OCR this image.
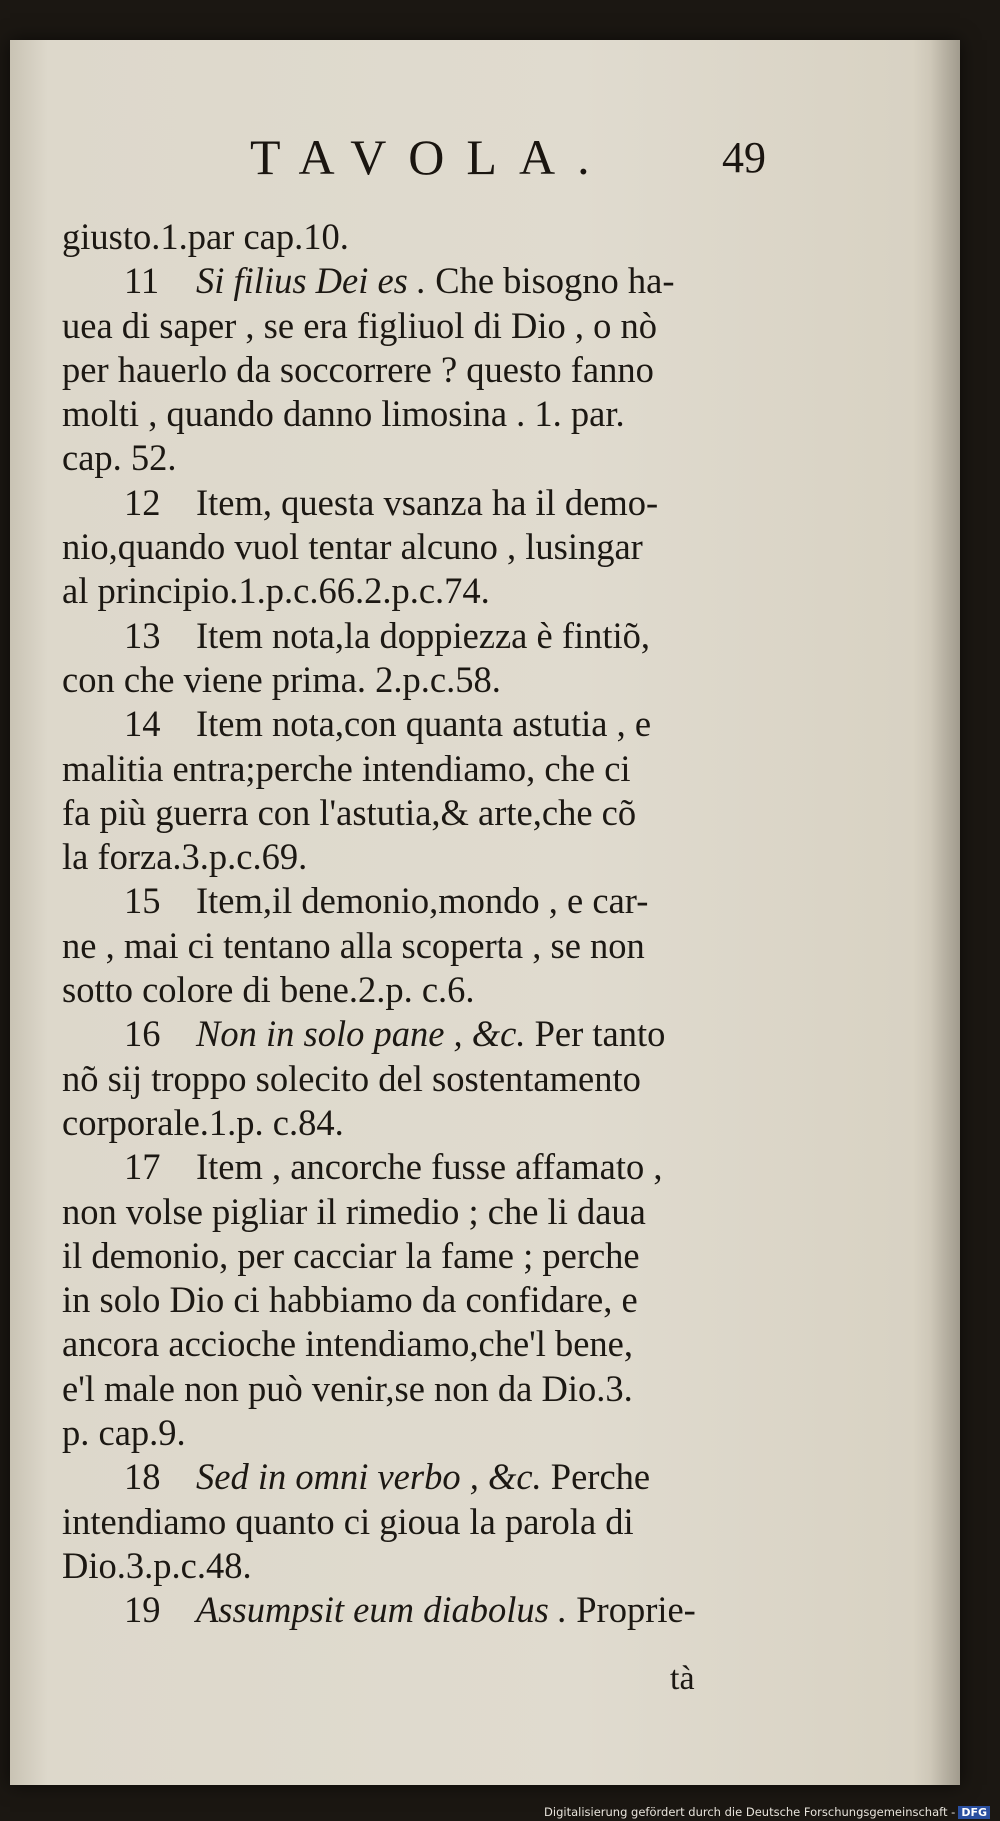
TAVOLA.	49
giusto.1.par cap.10.
11 Si filius Dei es . Che bisogno ha-
uea di saper , se era figliuol di Dio , o nò
per hauerlo da soccorrere ? questo fanno
molti , quando danno limosina . 1. par.
cap. 52.
12 Item, questa vsanza ha il demo-
nio,quando vuol tentar alcuno , lusingar
al principio.1.p.c.66.2.p.c.74.
13 Item nota,la doppiezza è fintiõ,
con che viene prima. 2.p.c.58.
14 Item nota,con quanta astutia , e
malitia entra;perche intendiamo, che ci
fa più guerra con l'astutia,& arte,che cõ
la forza.3.p.c.69.
15 Item,il demonio,mondo , e car-
ne , mai ci tentano alla scoperta , se non
sotto colore di bene.2.p. c.6.
16 Non in solo pane , &c. Per tanto
nõ sij troppo solecito del sostentamento
corporale.1.p. c.84.
17 Item , ancorche fusse affamato ,
non volse pigliar il rimedio ; che li daua
il demonio, per cacciar la fame ; perche
in solo Dio ci habbiamo da confidare, e
ancora accioche intendiamo,che'l bene,
e'l male non può venir,se non da Dio.3.
p. cap.9.
18 Sed in omni verbo , &c. Perche
intendiamo quanto ci gioua la parola di
Dio.3.p.c.48.
19 Assumpsit eum diabolus . Proprie-
tà
Digitalisierung gefördert durch die Deutsche Forschungsgemeinschaft - DFG
